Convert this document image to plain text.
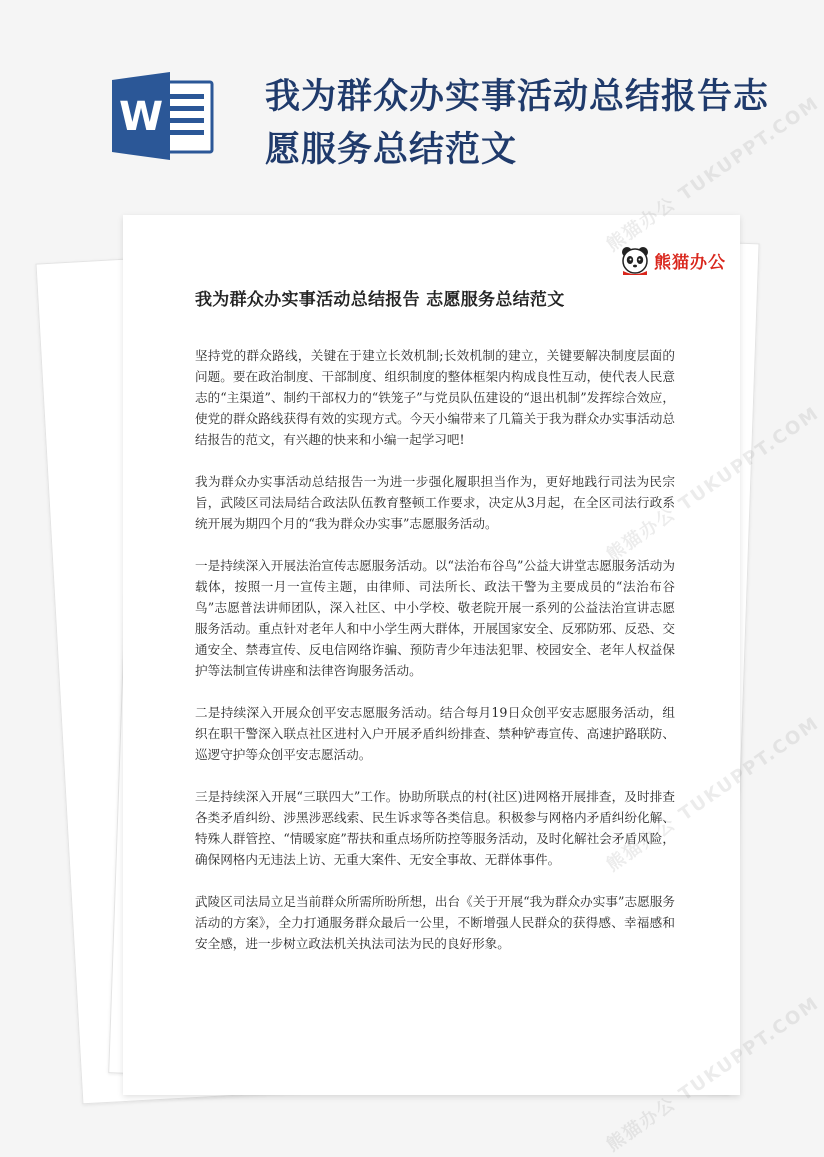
W	我为群众办实事活动总结报告志愿服务总结范文
熊猫办公
我为群众办实事活动总结报告 志愿服务总结范文

坚持党的群众路线，关键在于建立长效机制;长效机制的建立，关键要解决制度层面的问题。要在政治制度、干部制度、组织制度的整体框架内构成良性互动，使代表人民意志的“主渠道”、制约干部权力的“铁笼子”与党员队伍建设的“退出机制”发挥综合效应，使党的群众路线获得有效的实现方式。今天小编带来了几篇关于我为群众办实事活动总结报告的范文，有兴趣的快来和小编一起学习吧!

我为群众办实事活动总结报告一为进一步强化履职担当作为，更好地践行司法为民宗旨，武陵区司法局结合政法队伍教育整顿工作要求，决定从3月起，在全区司法行政系统开展为期四个月的“我为群众办实事”志愿服务活动。

一是持续深入开展法治宣传志愿服务活动。以“法治布谷鸟”公益大讲堂志愿服务活动为载体，按照一月一宣传主题，由律师、司法所长、政法干警为主要成员的“法治布谷鸟”志愿普法讲师团队，深入社区、中小学校、敬老院开展一系列的公益法治宣讲志愿服务活动。重点针对老年人和中小学生两大群体，开展国家安全、反邪防邪、反恐、交通安全、禁毒宣传、反电信网络诈骗、预防青少年违法犯罪、校园安全、老年人权益保护等法制宣传讲座和法律咨询服务活动。

二是持续深入开展众创平安志愿服务活动。结合每月19日众创平安志愿服务活动，组织在职干警深入联点社区进村入户开展矛盾纠纷排查、禁种铲毒宣传、高速护路联防、巡逻守护等众创平安志愿活动。

三是持续深入开展“三联四大”工作。协助所联点的村(社区)进网格开展排查，及时排查各类矛盾纠纷、涉黑涉恶线索、民生诉求等各类信息。积极参与网格内矛盾纠纷化解、特殊人群管控、“情暖家庭”帮扶和重点场所防控等服务活动，及时化解社会矛盾风险，确保网格内无违法上访、无重大案件、无安全事故、无群体事件。

武陵区司法局立足当前群众所需所盼所想，出台《关于开展“我为群众办实事”志愿服务活动的方案》，全力打通服务群众最后一公里，不断增强人民群众的获得感、幸福感和安全感，进一步树立政法机关执法司法为民的良好形象。

TUKUPPT.COM
熊猫办公 TUKUPPT.COM
